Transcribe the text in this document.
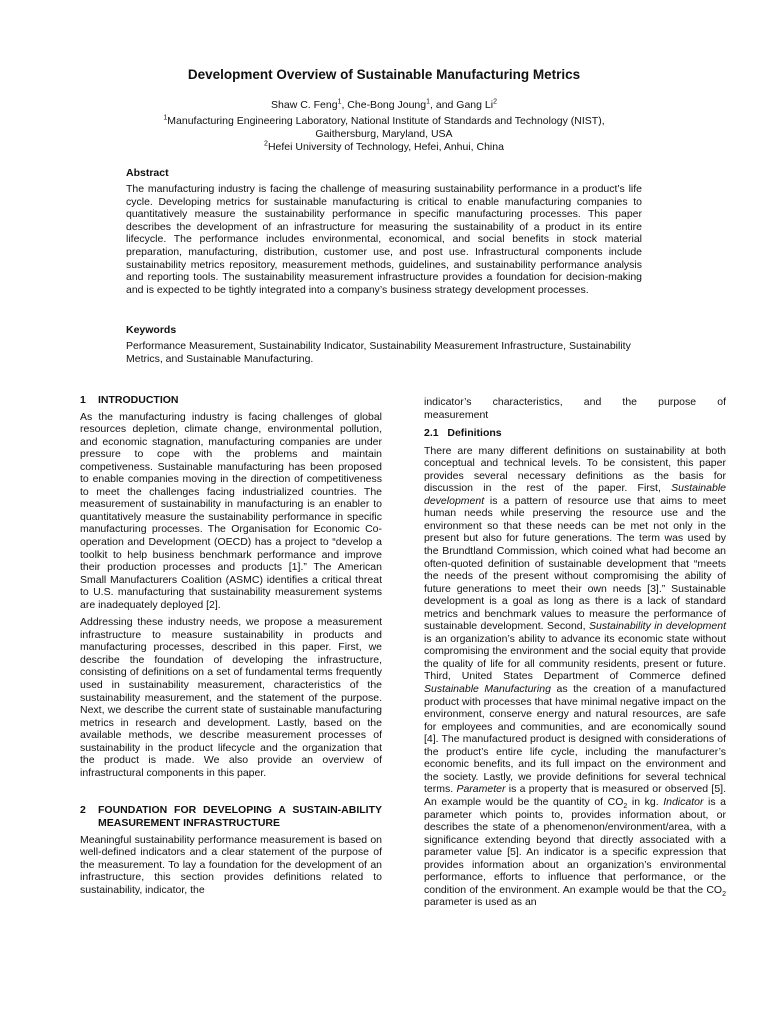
Development Overview of Sustainable Manufacturing Metrics
Shaw C. Feng$^1$, Che-Bong Joung$^1$, and Gang Li$^2$
$^1$Manufacturing Engineering Laboratory, National Institute of Standards and Technology (NIST),
Gaithersburg, Maryland, USA
$^2$Hefei University of Technology, Hefei, Anhui, China
Abstract
The manufacturing industry is facing the challenge of measuring sustainability performance in a product’s life cycle. Developing metrics for sustainable manufacturing is critical to enable manufacturing companies to quantitatively measure the sustainability performance in specific manufacturing processes. This paper describes the development of an infrastructure for measuring the sustainability of a product in its entire lifecycle. The performance includes environmental, economical, and social benefits in stock material preparation, manufacturing, distribution, customer use, and post use. Infrastructural components include sustainability metrics repository, measurement methods, guidelines, and sustainability performance analysis and reporting tools. The sustainability measurement infrastructure provides a foundation for decision-making and is expected to be tightly integrated into a company’s business strategy development processes.
Keywords
Performance Measurement, Sustainability Indicator, Sustainability Measurement Infrastructure, Sustainability Metrics, and Sustainable Manufacturing.
1	INTRODUCTION

As the manufacturing industry is facing challenges of global resources depletion, climate change, environmental pollution, and economic stagnation, manufacturing companies are under pressure to cope with the problems and maintain competiveness. Sustainable manufacturing has been proposed to enable companies moving in the direction of competitiveness to meet the challenges facing industrialized countries. The measurement of sustainability in manufacturing is an enabler to quantitatively measure the sustainability performance in specific manufacturing processes. The Organisation for Economic Co-operation and Development (OECD) has a project to “develop a toolkit to help business benchmark performance and improve their production processes and products [1].” The American Small Manufacturers Coalition (ASMC) identifies a critical threat to U.S. manufacturing that sustainability measurement systems are inadequately deployed [2].

Addressing these industry needs, we propose a measurement infrastructure to measure sustainability in products and manufacturing processes, described in this paper. First, we describe the foundation of developing the infrastructure, consisting of definitions on a set of fundamental terms frequently used in sustainability measurement, characteristics of the sustainability measurement, and the statement of the purpose. Next, we describe the current state of sustainable manufacturing metrics in research and development. Lastly, based on the available methods, we describe measurement processes of sustainability in the product lifecycle and the organization that the product is made. We also provide an overview of infrastructural components in this paper.

2	FOUNDATION FOR DEVELOPING A SUSTAIN-ABILITY MEASUREMENT INFRASTRUCTURE

Meaningful sustainability performance measurement is based on well-defined indicators and a clear statement of the purpose of the measurement. To lay a foundation for the development of an infrastructure, this section provides definitions related to sustainability, indicator, the

indicator’s characteristics, and the purpose of
measurement

2.1 Definitions

There are many different definitions on sustainability at both conceptual and technical levels. To be consistent, this paper provides several necessary definitions as the basis for discussion in the rest of the paper. First, Sustainable development is a pattern of resource use that aims to meet human needs while preserving the resource use and the environment so that these needs can be met not only in the present but also for future generations. The term was used by the Brundtland Commission, which coined what had become an often-quoted definition of sustainable development that “meets the needs of the present without compromising the ability of future generations to meet their own needs [3].” Sustainable development is a goal as long as there is a lack of standard metrics and benchmark values to measure the performance of sustainable development. Second, Sustainability in development is an organization’s ability to advance its economic state without compromising the environment and the social equity that provide the quality of life for all community residents, present or future. Third, United States Department of Commerce defined Sustainable Manufacturing as the creation of a manufactured product with processes that have minimal negative impact on the environment, conserve energy and natural resources, are safe for employees and communities, and are economically sound [4]. The manufactured product is designed with considerations of the product’s entire life cycle, including the manufacturer’s economic benefits, and its full impact on the environment and the society. Lastly, we provide definitions for several technical terms. Parameter is a property that is measured or observed [5]. An example would be the quantity of $CO_2$ in kg. Indicator is a parameter which points to, provides information about, or describes the state of a phenomenon/environment/area, with a significance extending beyond that directly associated with a parameter value [5]. An indicator is a specific expression that provides information about an organization’s environmental performance, efforts to influence that performance, or the condition of the environment. An example would be that the $CO_2$ parameter is used as an
